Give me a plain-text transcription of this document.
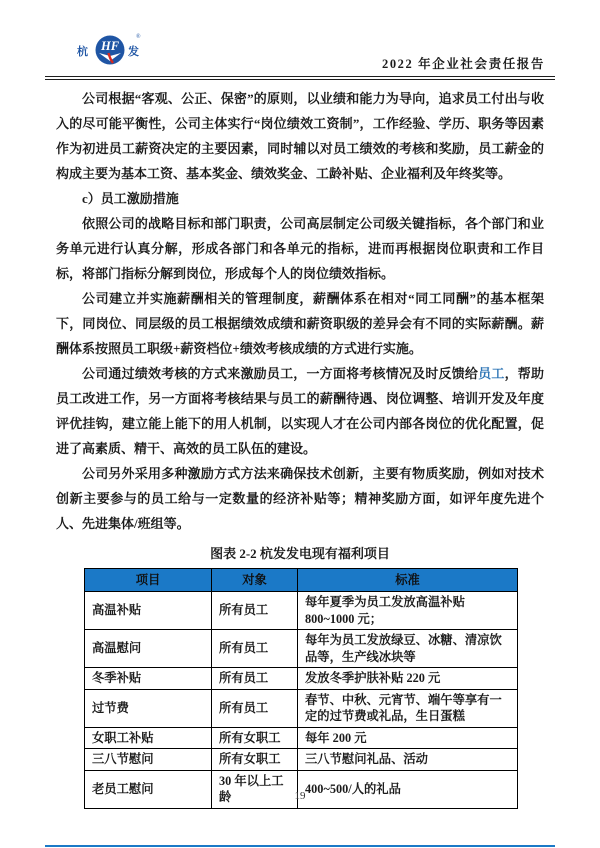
杭 HF 发
®
2022 年企业社会责任报告

公司根据“客观、公正、保密”的原则，以业绩和能力为导向，追求员工付出与收入的尽可能平衡性，公司主体实行“岗位绩效工资制”，工作经验、学历、职务等因素作为初进员工薪资决定的主要因素，同时辅以对员工绩效的考核和奖励，员工薪金的构成主要为基本工资、基本奖金、绩效奖金、工龄补贴、企业福利及年终奖等。

c）员工激励措施

依照公司的战略目标和部门职责，公司高层制定公司级关键指标，各个部门和业务单元进行认真分解，形成各部门和各单元的指标，进而再根据岗位职责和工作目标，将部门指标分解到岗位，形成每个人的岗位绩效指标。

公司建立并实施薪酬相关的管理制度，薪酬体系在相对“同工同酬”的基本框架下，同岗位、同层级的员工根据绩效成绩和薪资职级的差异会有不同的实际薪酬。薪酬体系按照员工职级+薪资档位+绩效考核成绩的方式进行实施。

公司通过绩效考核的方式来激励员工，一方面将考核情况及时反馈给员工，帮助员工改进工作，另一方面将考核结果与员工的薪酬待遇、岗位调整、培训开发及年度评优挂钩，建立能上能下的用人机制，以实现人才在公司内部各岗位的优化配置，促进了高素质、精干、高效的员工队伍的建设。

公司另外采用多种激励方式方法来确保技术创新，主要有物质奖励，例如对技术创新主要参与的员工给与一定数量的经济补贴等；精神奖励方面，如评年度先进个人、先进集体/班组等。

图表 2-2 杭发发电现有福利项目
项目	对象	标准
高温补贴	所有员工	每年夏季为员工发放高温补贴 800~1000 元；
高温慰问	所有员工	每年为员工发放绿豆、冰糖、清凉饮品等，生产线冰块等
冬季补贴	所有员工	发放冬季护肤补贴 220 元
过节费	所有员工	春节、中秋、元宵节、端午等享有一定的过节费或礼品，生日蛋糕
女职工补贴	所有女职工	每年 200 元
三八节慰问	所有女职工	三八节慰问礼品、活动
老员工慰问	30 年以上工龄	400~500/人的礼品
19
